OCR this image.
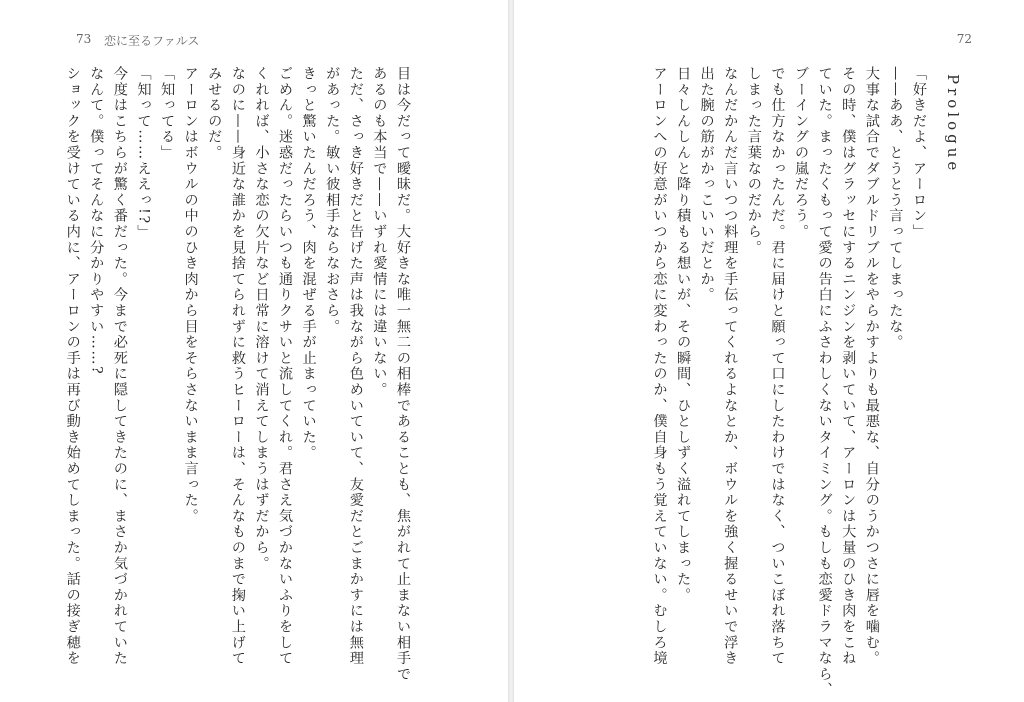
73 恋に至るファルス

目は今だって曖昧だ。大好きな唯一無二の相棒であることも、焦がれて止まない相手で

あるのも本当で——いずれ愛情には違いない。

ただ、さっき好きだと告げた声は我ながら色めいていて、友愛だとごまかすには無理

があった。敏い彼相手ならなおさら。

きっと驚いたんだろう、肉を混ぜる手が止まっていた。

ごめん。迷惑だったらいつも通りクサいと流してくれ。君さえ気づかないふりをして

くれれば、小さな恋の欠片など日常に溶けて消えてしまうはずだから。

なのに——身近な誰かを見捨てられずに救うヒーローは、そんなものまで掬い上げて

みせるのだ。

アーロンはボウルの中のひき肉から目をそらさないまま言った。

「知ってる」

「知って……ええっ!?」

今度はこちらが驚く番だった。今まで必死に隠してきたのに、まさか気づかれていた

なんて。僕ってそんなに分かりやすい……?

ショックを受けている内に、アーロンの手は再び動き始めてしまった。話の接ぎ穂を

72
Prologue

「好きだよ、アーロン」

——ああ、とうとう言ってしまったな。

大事な試合でダブルドリブルをやらかすよりも最悪な、自分のうかつさに唇を噛む。

その時、僕はグラッセにするニンジンを剥いていて、アーロンは大量のひき肉をこね

ていた。まったくもって愛の告白にふさわしくないタイミング。もしも恋愛ドラマなら、

ブーイングの嵐だろう。

でも仕方なかったんだ。君に届けと願って口にしたわけではなく、ついこぼれ落ちて

しまった言葉なのだから。

なんだかんだ言いつつ料理を手伝ってくれるよなとか、ボウルを強く握るせいで浮き

出た腕の筋がかっこいいだとか。

日々しんしんと降り積もる想いが、その瞬間、ひとしずく溢れてしまった。

アーロンへの好意がいつから恋に変わったのか、僕自身もう覚えていない。むしろ境
